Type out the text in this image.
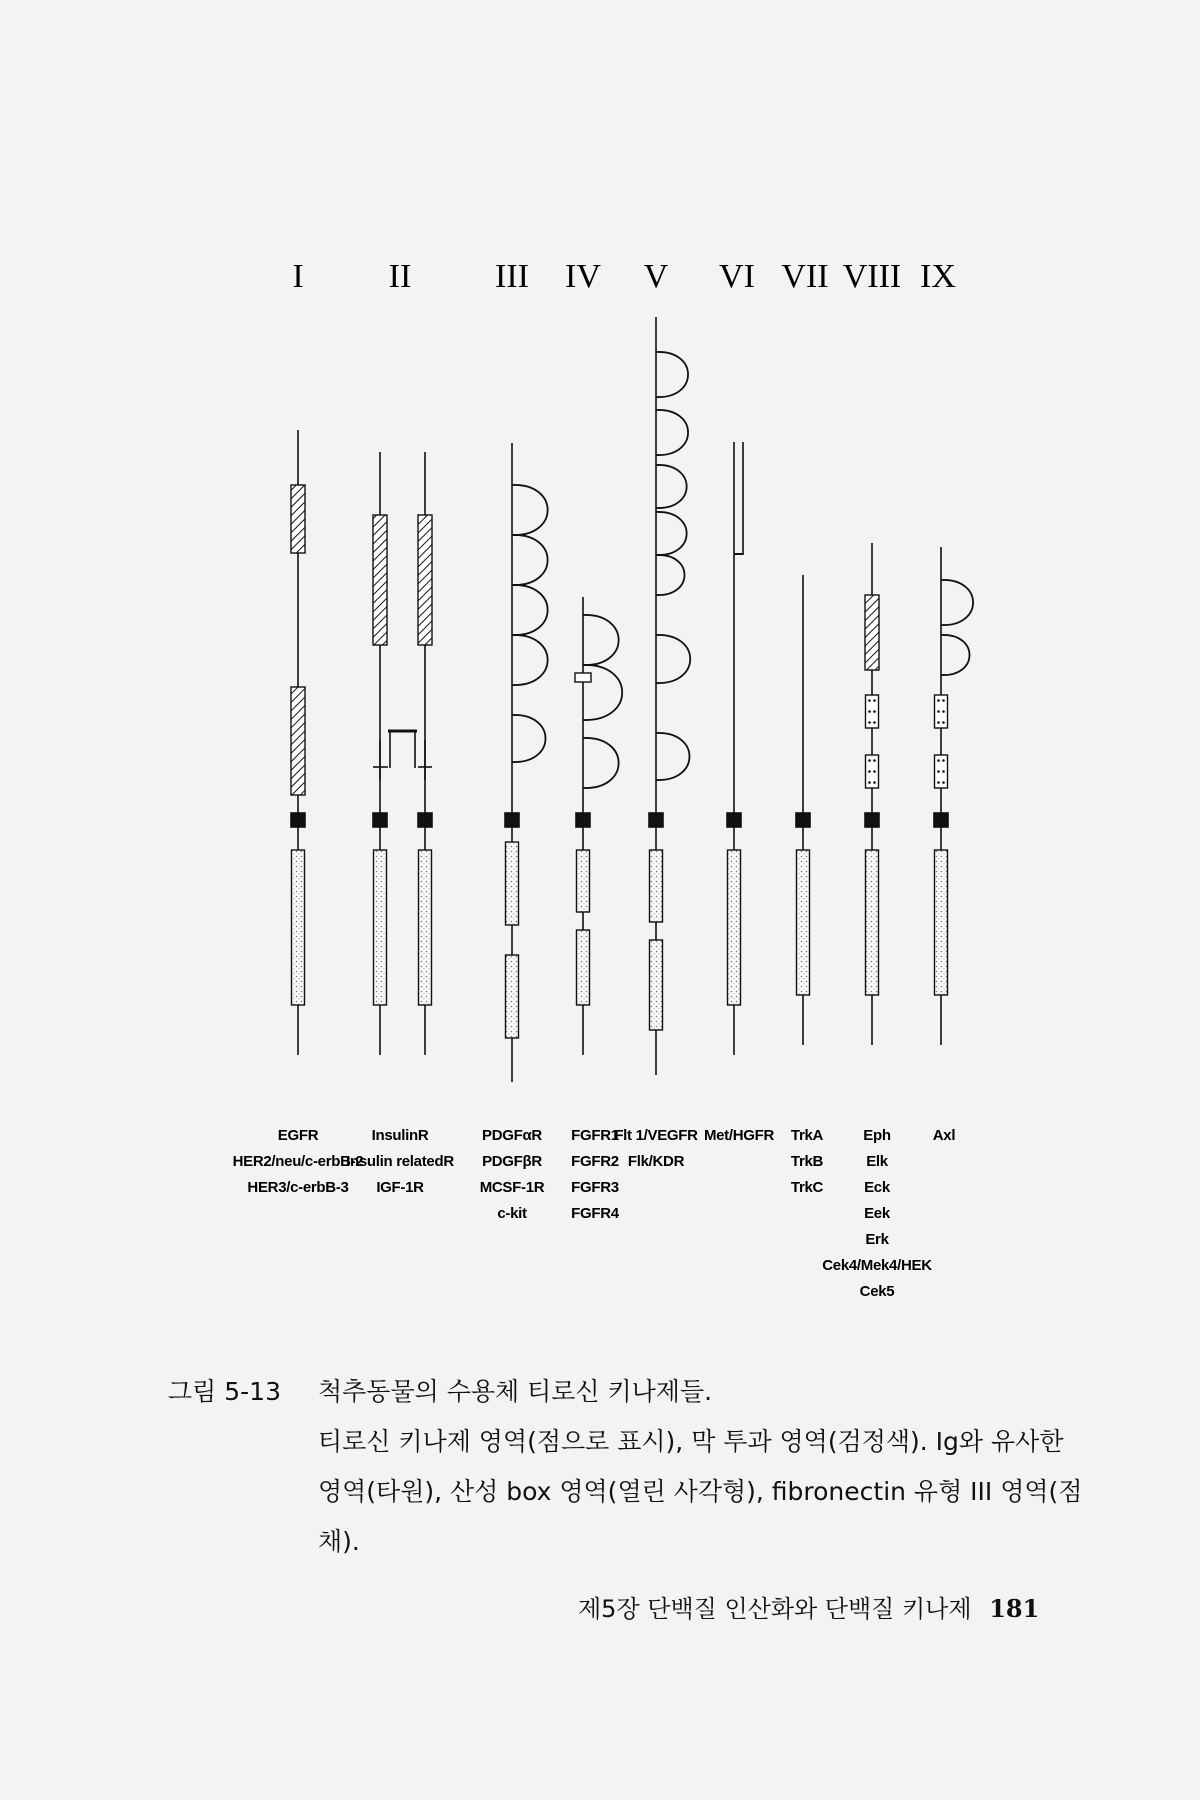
I	II III IV V VI VII VIII IX
EGFR
HER2/neu/c-erbB-2
HER3/c-erbB-3
InsulinR
Insulin relatedR
IGF-1R
PDGFαR
PDGFβR
MCSF-1R
c-kit
FGFR1
FGFR2
FGFR3
FGFR4
Flt 1/VEGFR
Flk/KDR
Met/HGFR TrkA
TrkB
TrkC
Eph
Elk
Eck
Eek
Erk
Cek4/Mek4/HEK
Cek5
Axl
그림 5-13 척추동물의 수용체 티로신 키나제들.
티로신 키나제 영역(점으로 표시), 막 투과 영역(검정색). Ig와 유사한
영역(타원), 산성 box 영역(열린 사각형), fibronectin 유형 III 영역(점
채).
제5장 단백질 인산화와 단백질 키나제 181
